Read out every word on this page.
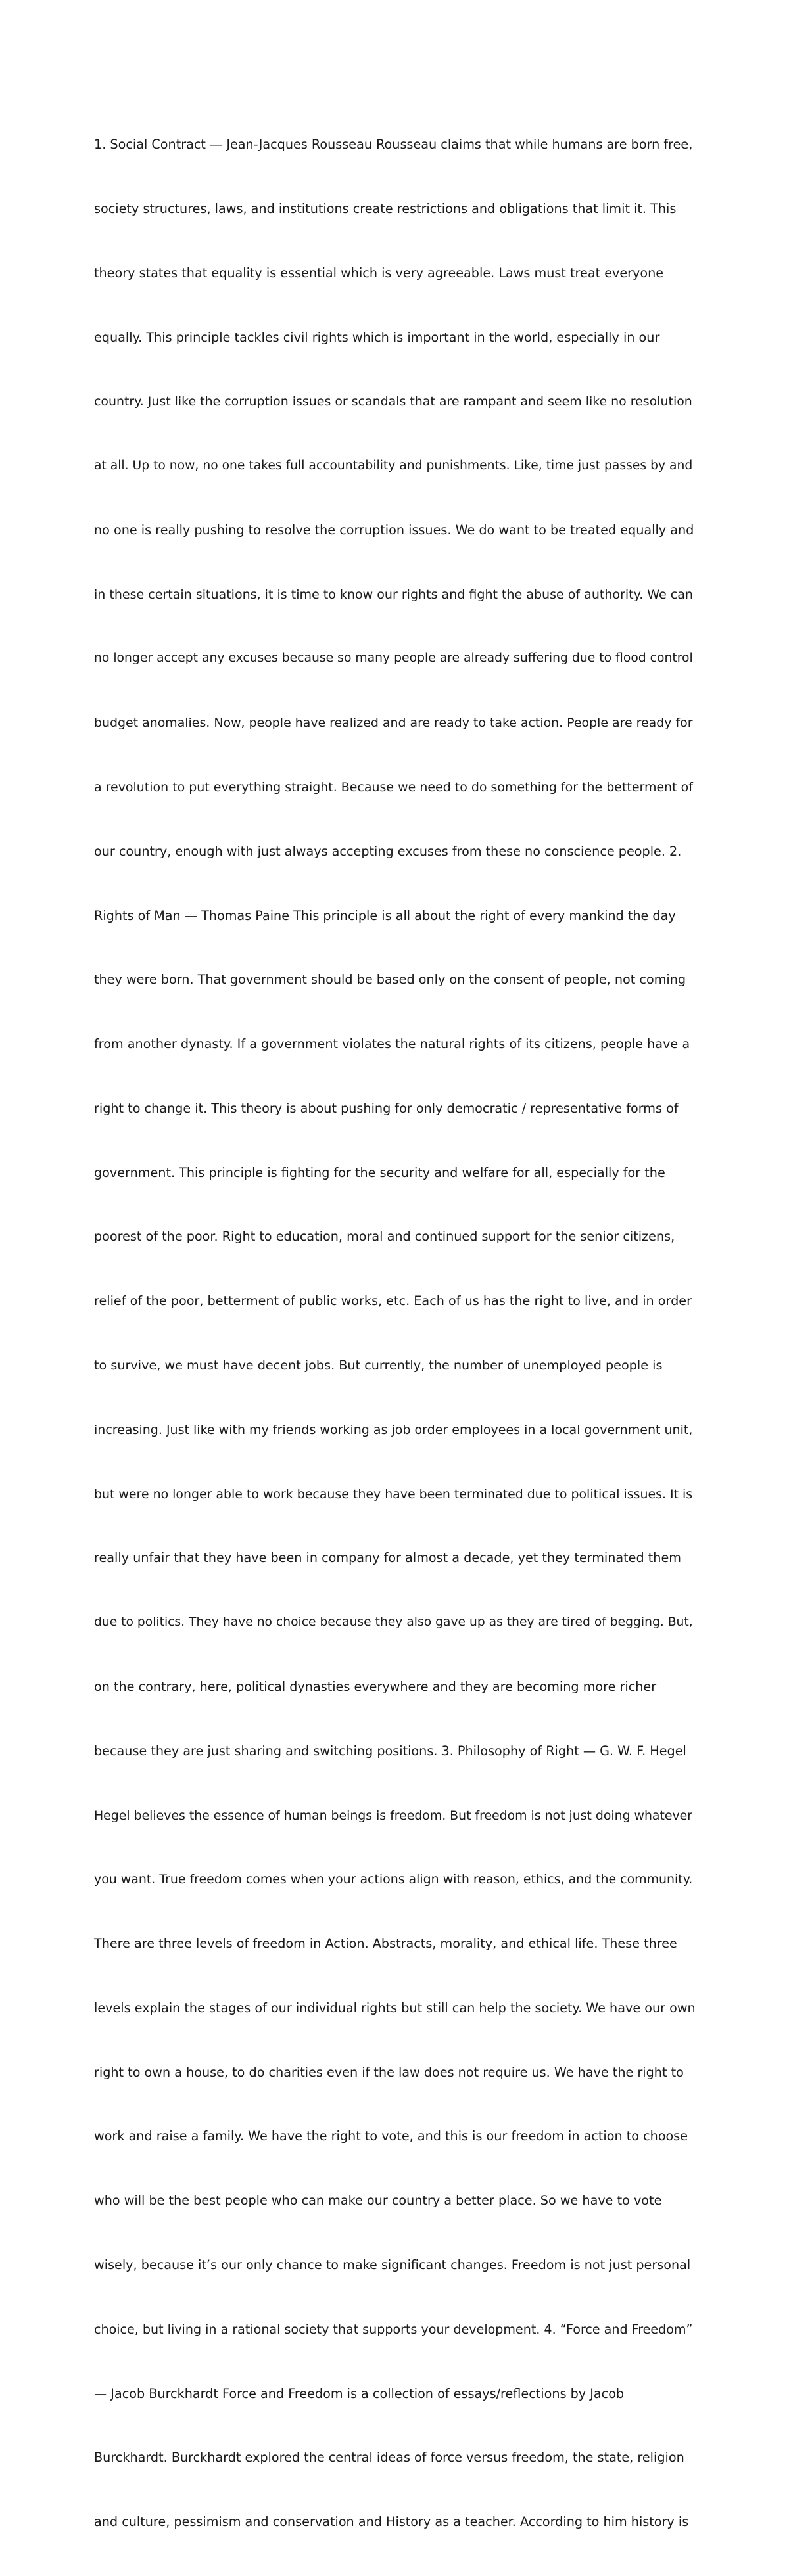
1. Social Contract — Jean-Jacques Rousseau Rousseau claims that while humans are born free,

society structures, laws, and institutions create restrictions and obligations that limit it. This

theory states that equality is essential which is very agreeable. Laws must treat everyone

equally. This principle tackles civil rights which is important in the world, especially in our

country. Just like the corruption issues or scandals that are rampant and seem like no resolution

at all. Up to now, no one takes full accountability and punishments. Like, time just passes by and

no one is really pushing to resolve the corruption issues. We do want to be treated equally and

in these certain situations, it is time to know our rights and fight the abuse of authority. We can

no longer accept any excuses because so many people are already suffering due to flood control

budget anomalies. Now, people have realized and are ready to take action. People are ready for

a revolution to put everything straight. Because we need to do something for the betterment of

our country, enough with just always accepting excuses from these no conscience people. 2.

Rights of Man — Thomas Paine This principle is all about the right of every mankind the day

they were born. That government should be based only on the consent of people, not coming

from another dynasty. If a government violates the natural rights of its citizens, people have a

right to change it. This theory is about pushing for only democratic / representative forms of

government. This principle is fighting for the security and welfare for all, especially for the

poorest of the poor. Right to education, moral and continued support for the senior citizens,

relief of the poor, betterment of public works, etc. Each of us has the right to live, and in order

to survive, we must have decent jobs. But currently, the number of unemployed people is

increasing. Just like with my friends working as job order employees in a local government unit,

but were no longer able to work because they have been terminated due to political issues. It is

really unfair that they have been in company for almost a decade, yet they terminated them

due to politics. They have no choice because they also gave up as they are tired of begging. But,

on the contrary, here, political dynasties everywhere and they are becoming more richer

because they are just sharing and switching positions. 3. Philosophy of Right — G. W. F. Hegel

Hegel believes the essence of human beings is freedom. But freedom is not just doing whatever

you want. True freedom comes when your actions align with reason, ethics, and the community.

There are three levels of freedom in Action. Abstracts, morality, and ethical life. These three

levels explain the stages of our individual rights but still can help the society. We have our own

right to own a house, to do charities even if the law does not require us. We have the right to

work and raise a family. We have the right to vote, and this is our freedom in action to choose

who will be the best people who can make our country a better place. So we have to vote

wisely, because it’s our only chance to make significant changes. Freedom is not just personal

choice, but living in a rational society that supports your development. 4. “Force and Freedom”

— Jacob Burckhardt Force and Freedom is a collection of essays/reflections by Jacob

Burckhardt. Burckhardt explored the central ideas of force versus freedom, the state, religion

and culture, pessimism and conservation and History as a teacher. According to him history is
